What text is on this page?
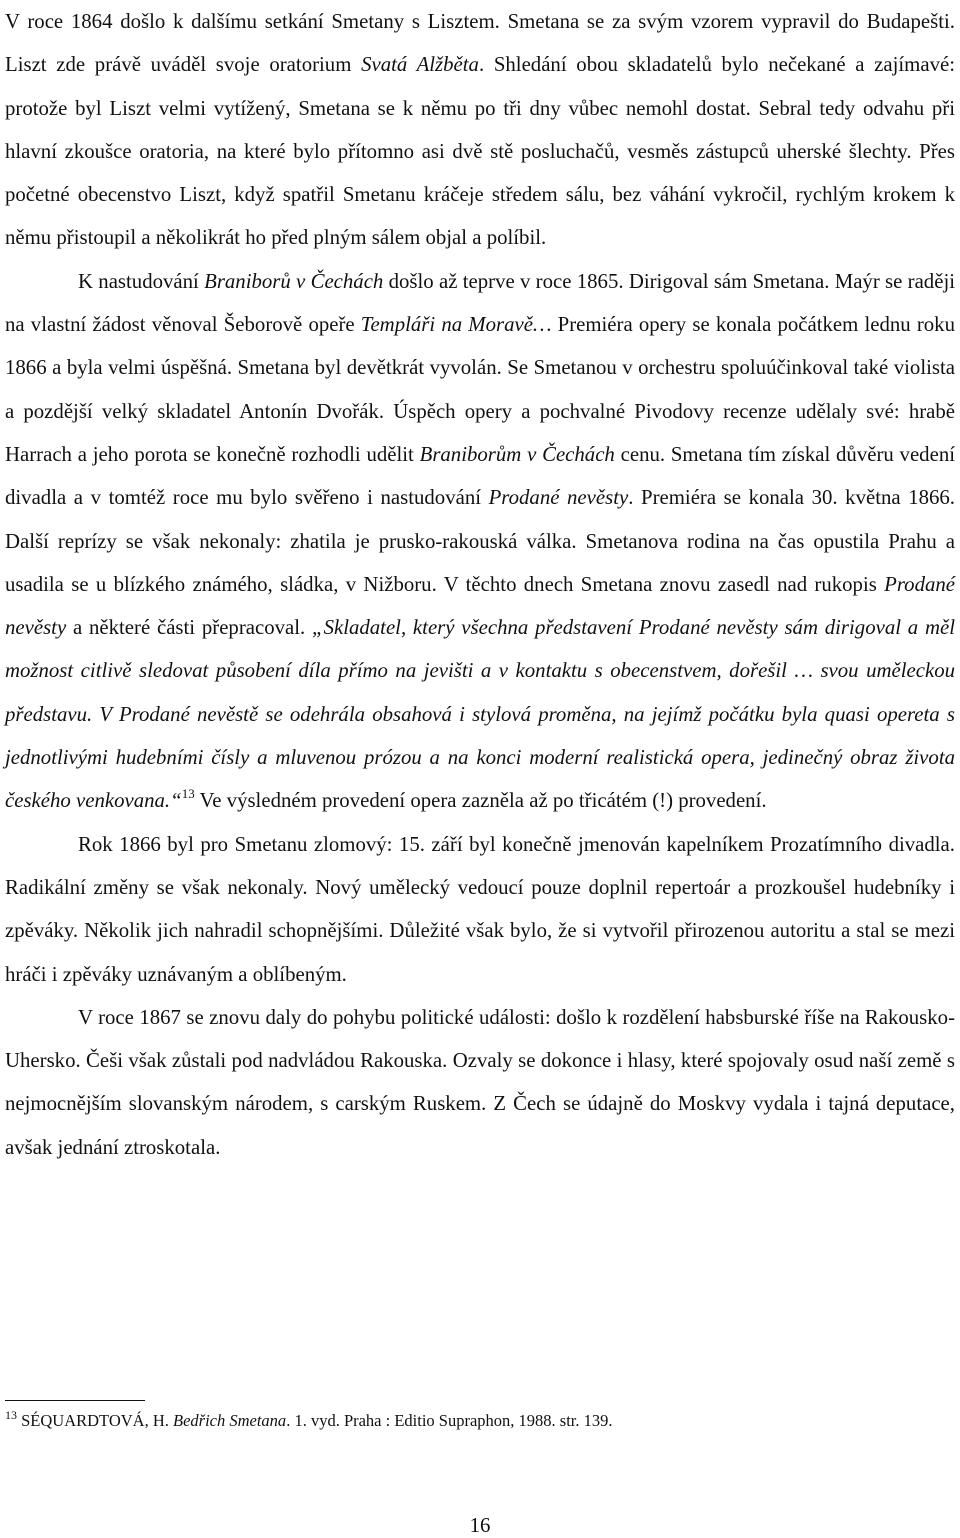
V roce 1864 došlo k dalšímu setkání Smetany s Lisztem. Smetana se za svým vzorem vypravil do Budapešti. Liszt zde právě uváděl svoje oratorium Svatá Alžběta. Shledání obou skladatelů bylo nečekané a zajímavé: protože byl Liszt velmi vytížený, Smetana se k němu po tři dny vůbec nemohl dostat. Sebral tedy odvahu při hlavní zkoušce oratoria, na které bylo přítomno asi dvě stě posluchačů, vesměs zástupců uherské šlechty. Přes početné obecenstvo Liszt, když spatřil Smetanu kráčeje středem sálu, bez váhání vykročil, rychlým krokem k němu přistoupil a několikrát ho před plným sálem objal a políbil.

K nastudování Braniborů v Čechách došlo až teprve v roce 1865. Dirigoval sám Smetana. Maýr se raději na vlastní žádost věnoval Šeborově opeře Templáři na Moravě… Premiéra opery se konala počátkem lednu roku 1866 a byla velmi úspěšná. Smetana byl devětkrát vyvolán. Se Smetanou v orchestru spoluúčinkoval také violista a pozdější velký skladatel Antonín Dvořák. Úspěch opery a pochvalné Pivodovy recenze udělaly své: hrabě Harrach a jeho porota se konečně rozhodli udělit Braniborům v Čechách cenu. Smetana tím získal důvěru vedení divadla a v tomtéž roce mu bylo svěřeno i nastudování Prodané nevěsty. Premiéra se konala 30. května 1866. Další reprízy se však nekonaly: zhatila je prusko-rakouská válka. Smetanova rodina na čas opustila Prahu a usadila se u blízkého známého, sládka, v Nižboru. V těchto dnech Smetana znovu zasedl nad rukopis Prodané nevěsty a některé části přepracoval. „Skladatel, který všechna představení Prodané nevěsty sám dirigoval a měl možnost citlivě sledovat působení díla přímo na jevišti a v kontaktu s obecenstvem, dořešil … svou uměleckou představu. V Prodané nevěstě se odehrála obsahová i stylová proměna, na jejímž počátku byla quasi opereta s jednotlivými hudebními čísly a mluvenou prózou a na konci moderní realistická opera, jedinečný obraz života českého venkovana.“$^{13}$ Ve výsledném provedení opera zazněla až po třicátém (!) provedení.

Rok 1866 byl pro Smetanu zlomový: 15. září byl konečně jmenován kapelníkem Prozatímního divadla. Radikální změny se však nekonaly. Nový umělecký vedoucí pouze doplnil repertoár a prozkoušel hudebníky i zpěváky. Několik jich nahradil schopnějšími. Důležité však bylo, že si vytvořil přirozenou autoritu a stal se mezi hráči i zpěváky uznávaným a oblíbeným.

V roce 1867 se znovu daly do pohybu politické události: došlo k rozdělení habsburské říše na Rakousko-Uhersko. Češi však zůstali pod nadvládou Rakouska. Ozvaly se dokonce i hlasy, které spojovaly osud naší země s nejmocnějším slovanským národem, s carským Ruskem. Z Čech se údajně do Moskvy vydala i tajná deputace, avšak jednání ztroskotala.

$^{13}$ SÉQUARDTOVÁ, H. Bedřich Smetana. 1. vyd. Praha : Editio Supraphon, 1988. str. 139.
16
